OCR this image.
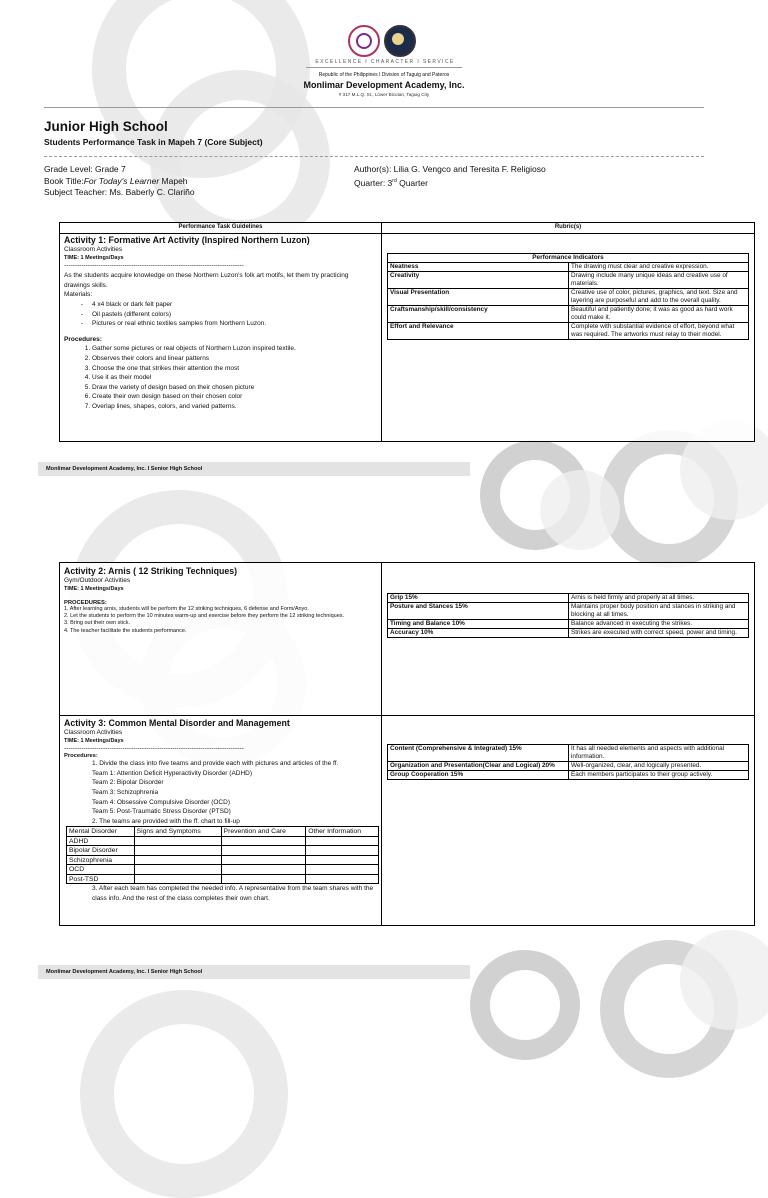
EXCELLENCE I CHARACTER I SERVICE
Republic of the Philippines I Division of Taguig and Pateros
Monlimar Development Academy, Inc.
# 317 M.L.Q. St., Lower Bicutan, Taguig City
Junior High School
Students Performance Task in Mapeh 7 (Core Subject)
Grade Level: Grade 7
Book Title:For Today's Learner Mapeh
Subject Teacher: Ms. Baberly C. Clariño
Author(s): Lilia G. Vengco and Teresita F. Religioso
Quarter: 3rd Quarter
Performance Task Guidelines	Rubric(s)
Activity 1: Formative Art Activity (Inspired Northern Luzon)
Classroom Activities
TIME: 1 Meetings/Days
-----------------------------------------------------------------------------------
As the students acquire knowledge on these Northern Luzon's folk art motifs, let them try practicing drawings skills.
Materials:
- 4 x4 black or dark felt paper
- Oil pastels (different colors)
- Pictures or real ethnic textiles samples from Northern Luzon.
Procedures:
1. Gather some pictures or real objects of Northern Luzon inspired textile.
2. Observes their colors and linear patterns
3. Choose the one that strikes their attention the most
4. Use it as their model
5. Draw the variety of design based on their chosen picture
6. Create their own design based on their chosen color
7. Overlap lines, shapes, colors, and varied patterns.
Performance Indicators	
Neatness	The drawing must clear and creative expression.
Creativity	Drawing include many unique ideas and creative use of materials.
Visual Presentation	Creative use of color, pictures, graphics, and text. Size and layering are purposeful and add to the overall quality.
Craftsmanship/skill/consistency	Beautiful and patiently done; it was as good as hard work could make it.
Effort and Relevance	Complete with substantial evidence of effort, beyond what was required. The artworks must relay to their model.
Monlimar Development Academy, Inc. I Senior High School
Activity 2: Arnis ( 12 Striking Techniques)
Gym/Outdoor Activities
TIME: 1 Meetings/Days
PROCEDURES:
1. After learning arnis, students will be perform the 12 striking techniques, 6 defense and Form/Anyo.
2. Let the students to perform the 10 minutes warm-up and exercise before they perform the 12 striking techniques.
3. Bring out their own stick.
4. The teacher facilitate the students performance.
Grip 15%	Arnis is held firmly and properly at all times.
Posture and Stances 15%	Maintains proper body position and stances in striking and blocking at all times.
Timing and Balance 10%	Balance advanced in executing the strikes.
Accuracy 10%	Strikes are executed with correct speed, power and timing.
Activity 3: Common Mental Disorder and Management
Classroom Activities
TIME: 1 Meetings/Days
-----------------------------------------------------------------------------------
Procedures:
1. Divide the class into five teams and provide each with pictures and articles of the ff.
Team 1: Attention Deficit Hyperactivity Disorder (ADHD)
Team 2: Bipolar Disorder
Team 3: Schizophrenia
Team 4: Obsessive Compulsive Disorder (OCD)
Team 5: Post-Traumatic Stress Disorder (PTSD)
2. The teams are provided with the ff. chart to fill-up
Mental Disorder	Signs and Symptoms	Prevention and Care	Other Information
ADHD			
Bipolar Disorder			
Schizophrenia			
OCD			
Post-TSD			
3. After each team has completed the needed info. A representative from the team shares with the class info. And the rest of the class completes their own chart.
Content (Comprehensive & Integrated) 15%	It has all needed elements and aspects with additional information.
Organization and Presentation(Clear and Logical) 20%	Well-organized, clear, and logically presented.
Group Cooperation 15%	Each members participates to their group actively.
Monlimar Development Academy, Inc. I Senior High School
